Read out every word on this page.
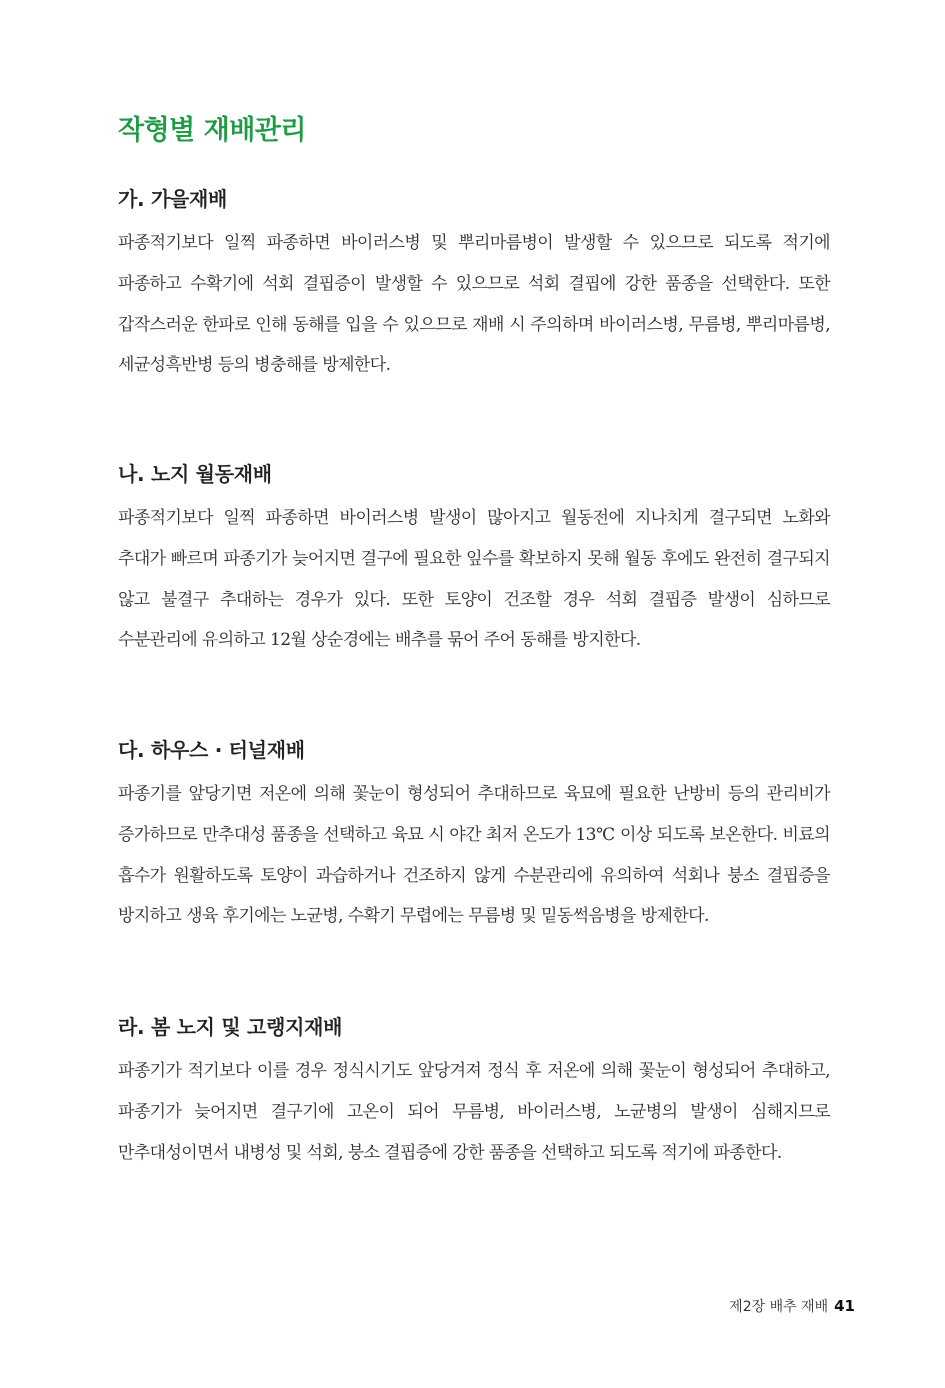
작형별 재배관리
가. 가을재배

파종적기보다 일찍 파종하면 바이러스병 및 뿌리마름병이 발생할 수 있으므로 되도록 적기에 파종하고 수확기에 석회 결핍증이 발생할 수 있으므로 석회 결핍에 강한 품종을 선택한다. 또한 갑작스러운 한파로 인해 동해를 입을 수 있으므로 재배 시 주의하며 바이러스병, 무름병, 뿌리마름병, 세균성흑반병 등의 병충해를 방제한다.

나. 노지 월동재배

파종적기보다 일찍 파종하면 바이러스병 발생이 많아지고 월동전에 지나치게 결구되면 노화와 추대가 빠르며 파종기가 늦어지면 결구에 필요한 잎수를 확보하지 못해 월동 후에도 완전히 결구되지 않고 불결구 추대하는 경우가 있다. 또한 토양이 건조할 경우 석회 결핍증 발생이 심하므로 수분관리에 유의하고 12월 상순경에는 배추를 묶어 주어 동해를 방지한다.

다. 하우스 · 터널재배

파종기를 앞당기면 저온에 의해 꽃눈이 형성되어 추대하므로 육묘에 필요한 난방비 등의 관리비가 증가하므로 만추대성 품종을 선택하고 육묘 시 야간 최저 온도가 13℃ 이상 되도록 보온한다. 비료의 흡수가 원활하도록 토양이 과습하거나 건조하지 않게 수분관리에 유의하여 석회나 붕소 결핍증을 방지하고 생육 후기에는 노균병, 수확기 무렵에는 무름병 및 밑동썩음병을 방제한다.

라. 봄 노지 및 고랭지재배

파종기가 적기보다 이를 경우 정식시기도 앞당겨져 정식 후 저온에 의해 꽃눈이 형성되어 추대하고, 파종기가 늦어지면 결구기에 고온이 되어 무름병, 바이러스병, 노균병의 발생이 심해지므로 만추대성이면서 내병성 및 석회, 붕소 결핍증에 강한 품종을 선택하고 되도록 적기에 파종한다.

제2장 배추 재배 41
